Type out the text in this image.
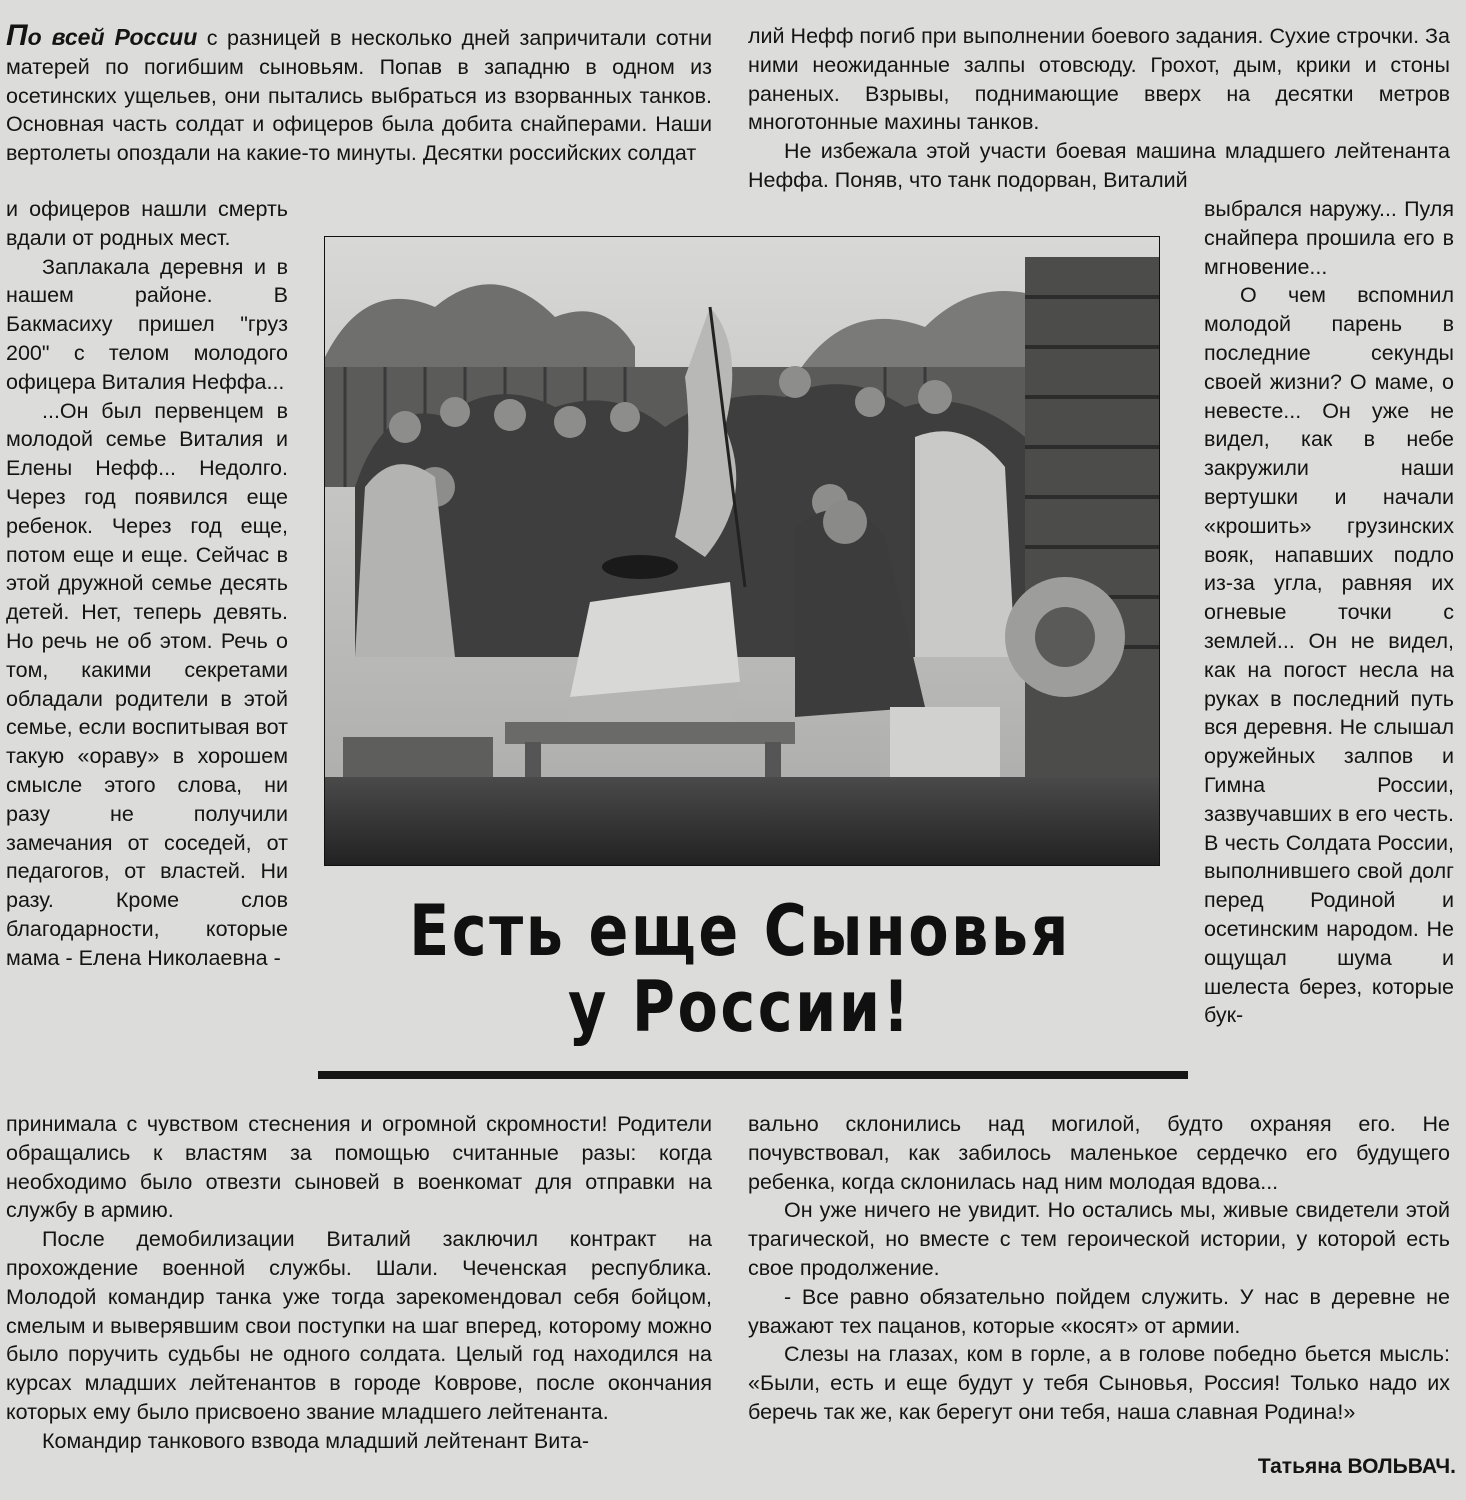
По всей России с разницей в несколько дней запричитали сотни матерей по погибшим сыновьям. Попав в западню в одном из осетинских ущельев, они пытались выбраться из взорванных танков. Основная часть солдат и офицеров была добита снайперами. Наши вертолеты опоздали на какие-то минуты. Десятки российских солдат

лий Нефф погиб при выполнении боевого задания. Сухие строчки. За ними неожиданные залпы отовсюду. Грохот, дым, крики и стоны раненых. Взрывы, поднимающие вверх на десятки метров многотонные махины танков.

Не избежала этой участи боевая машина младшего лейтенанта Неффа. Поняв, что танк подорван, Виталий

и офицеров нашли смерть вдали от родных мест.

Заплакала деревня и в нашем районе. В Бакмасиху пришел "груз 200" с телом молодого офицера Виталия Неффа...

...Он был первенцем в молодой семье Виталия и Елены Нефф... Недолго. Через год появился еще ребенок. Через год еще, потом еще и еще. Сейчас в этой дружной семье десять детей. Нет, теперь девять. Но речь не об этом. Речь о том, какими секретами обладали родители в этой семье, если воспитывая вот такую «ораву» в хорошем смысле этого слова, ни разу не получили замечания от соседей, от педагогов, от властей. Ни разу. Кроме слов благодарности, которые мама - Елена Николаевна -

выбрался наружу... Пуля снайпера прошила его в мгновение...

О чем вспомнил молодой парень в последние секунды своей жизни? О маме, о невесте... Он уже не видел, как в небе закружили наши вертушки и начали «крошить» грузинских вояк, напавших подло из-за угла, равняя их огневые точки с землей... Он не видел, как на погост несла на руках в последний путь вся деревня. Не слышал оружейных залпов и Гимна России, зазвучавших в его честь. В честь Солдата России, выполнившего свой долг перед Родиной и осетинским народом. Не ощущал шума и шелеста берез, которые бук-

Есть еще Сыновья
у России!

принимала с чувством стеснения и огромной скромности! Родители обращались к властям за помощью считанные разы: когда необходимо было отвезти сыновей в военкомат для отправки на службу в армию.

После демобилизации Виталий заключил контракт на прохождение военной службы. Шали. Чеченская республика. Молодой командир танка уже тогда зарекомендовал себя бойцом, смелым и выверявшим свои поступки на шаг вперед, которому можно было поручить судьбы не одного солдата. Целый год находился на курсах младших лейтенантов в городе Коврове, после окончания которых ему было присвоено звание младшего лейтенанта.

Командир танкового взвода младший лейтенант Вита-

вально склонились над могилой, будто охраняя его. Не почувствовал, как забилось маленькое сердечко его будущего ребенка, когда склонилась над ним молодая вдова...

Он уже ничего не увидит. Но остались мы, живые свидетели этой трагической, но вместе с тем героической истории, у которой есть свое продолжение.

- Все равно обязательно пойдем служить. У нас в деревне не уважают тех пацанов, которые «косят» от армии.

Слезы на глазах, ком в горле, а в голове победно бьется мысль: «Были, есть и еще будут у тебя Сыновья, Россия! Только надо их беречь так же, как берегут они тебя, наша славная Родина!»

Татьяна ВОЛЬВАЧ.
